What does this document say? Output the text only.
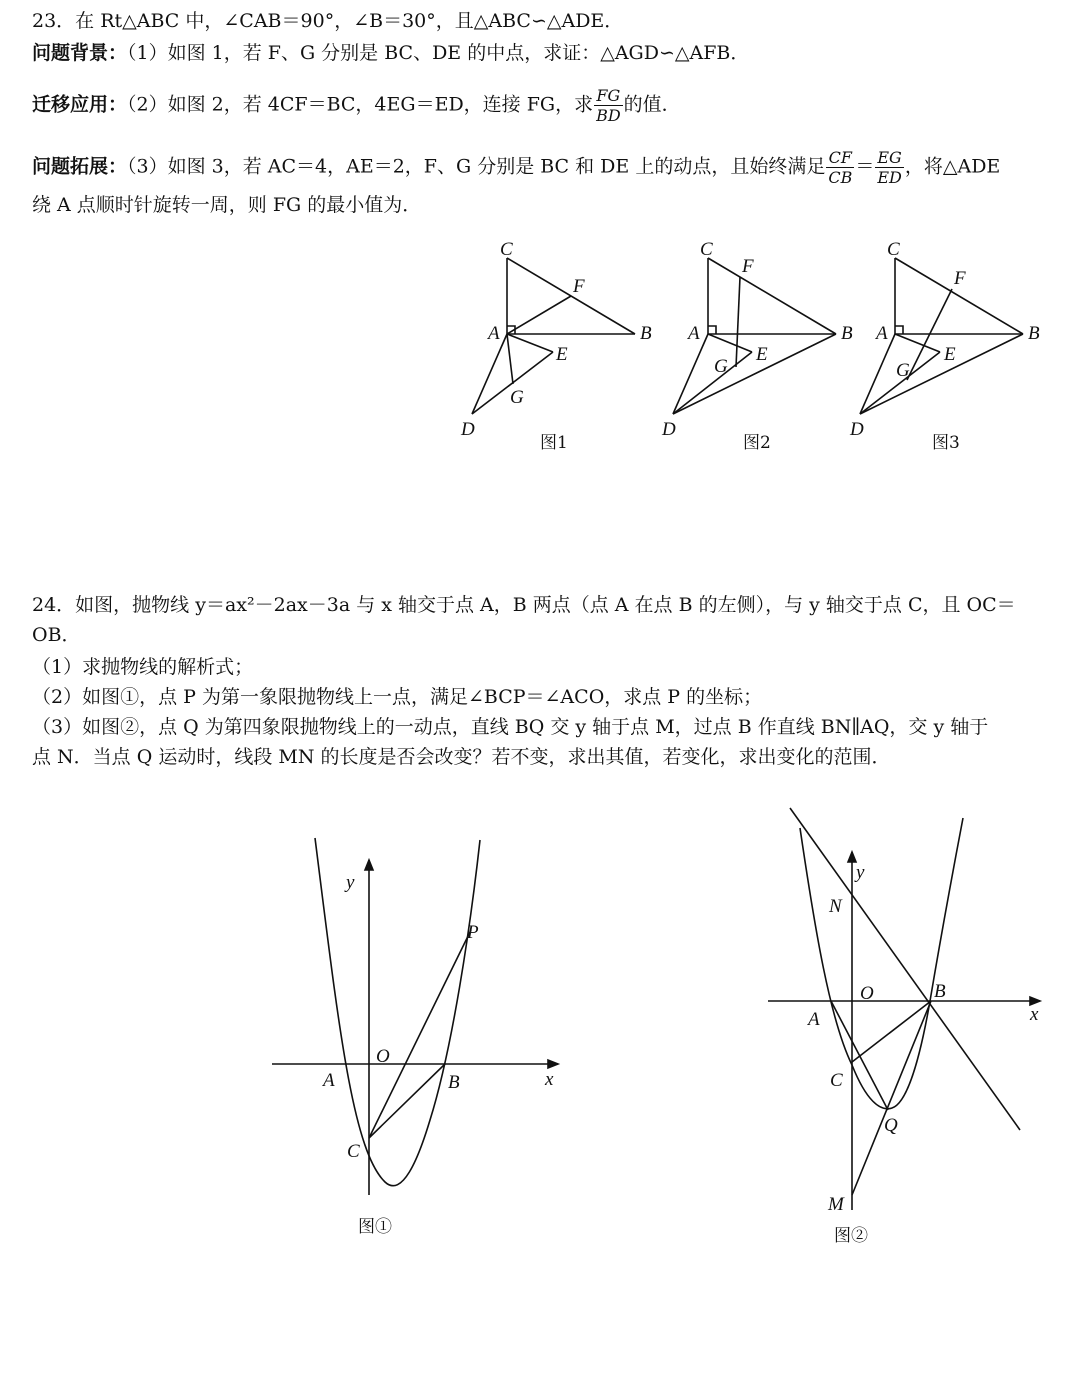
23．在 Rt△ABC 中，∠CAB＝90°，∠B＝30°，且△ABC∽△ADE．
问题背景：（1）如图 1，若 F、G 分别是 BC、DE 的中点，求证：△AGD∽△AFB．
迁移应用：（2）如图 2，若 4CF＝BC，4EG＝ED，连接 FG，求 $\frac{FG}{BD}$ 的值．
问题拓展：（3）如图 3，若 AC＝4，AE＝2，F、G 分别是 BC 和 DE 上的动点，且始终满足 $\frac{CF}{CB} = \frac{EG}{ED}$ ，将△ADE
绕 A 点顺时针旋转一周，则 FG 的最小值为．
C
F
A	B
E
G
D
图1
C
F
A	B
E
G
D
图2
C
F
A	B
E
G
D
图3
24．如图，抛物线 y＝ax²－2ax－3a 与 x 轴交于点 A，B 两点（点 A 在点 B 的左侧），与 y 轴交于点 C，且 OC＝
OB．
（1）求抛物线的解析式；
（2）如图①，点 P 为第一象限抛物线上一点，满足∠BCP＝∠ACO，求点 P 的坐标；
（3）如图②，点 Q 为第四象限抛物线上的一动点，直线 BQ 交 y 轴于点 M，过点 B 作直线 BN∥AQ，交 y 轴于
点 N．当点 Q 运动时，线段 MN 的长度是否会改变？若不变，求出其值，若变化，求出变化的范围．
y
x
O
A	B
C
P
图①
y
x
O
A
B
N
C
Q
M
图②
